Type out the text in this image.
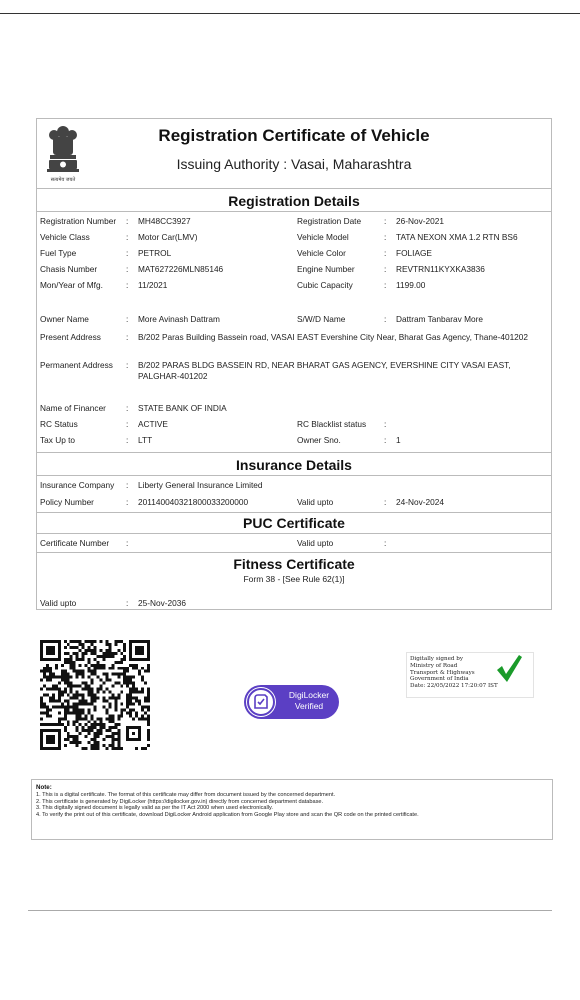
सत्यमेव जयते
Registration Certificate of Vehicle
Issuing Authority : Vasai, Maharashtra
Registration Details
Registration Number : MH48CC3927	Registration Date	: 26-Nov-2021
Vehicle Class	: Motor Car(LMV)	Vehicle Model	: TATA NEXON XMA 1.2 RTN BS6
Fuel Type	: PETROL	Vehicle Color	: FOLIAGE
Chasis Number	: MAT627226MLN85146	Engine Number	: REVTRN11KYXKA3836
Mon/Year of Mfg.	: 11/2021	Cubic Capacity	: 1199.00
Owner Name	: More Avinash Dattram	S/W/D Name	: Dattram Tanbarav More
Present Address	: B/202 Paras Building Bassein road, VASAI EAST Evershine City Near, Bharat Gas Agency, Thane-401202
Permanent Address : B/202 PARAS BLDG BASSEIN RD, NEAR BHARAT GAS AGENCY, EVERSHINE CITY VASAI EAST, PALGHAR-401202
Name of Financer : STATE BANK OF INDIA
RC Status	: ACTIVE	RC Blacklist status :
Tax Up to	: LTT	Owner Sno.	: 1
Insurance Details
Insurance Company : Liberty General Insurance Limited
Policy Number	: 201140040321800033200000	Valid upto	: 24-Nov-2024
PUC Certificate
Certificate Number :	Valid upto	:
Fitness Certificate
Form 38 - [See Rule 62(1)]
Valid upto	: 25-Nov-2036
DigiLocker
Verified
Digitally signed by
Ministry of Road
Transport & Highways
Government of India
Date: 22/05/2022 17:20:07 IST
Note:
1. This is a digital certificate. The format of this certificate may differ from document issued by the concerned department.
2. This certificate is generated by DigiLocker (https://digilocker.gov.in) directly from concerned department database.
3. This digitally signed document is legally valid as per the IT Act 2000 when used electronically.
4. To verify the print out of this certificate, download DigiLocker Android application from Google Play store and scan the QR code on the printed certificate.
